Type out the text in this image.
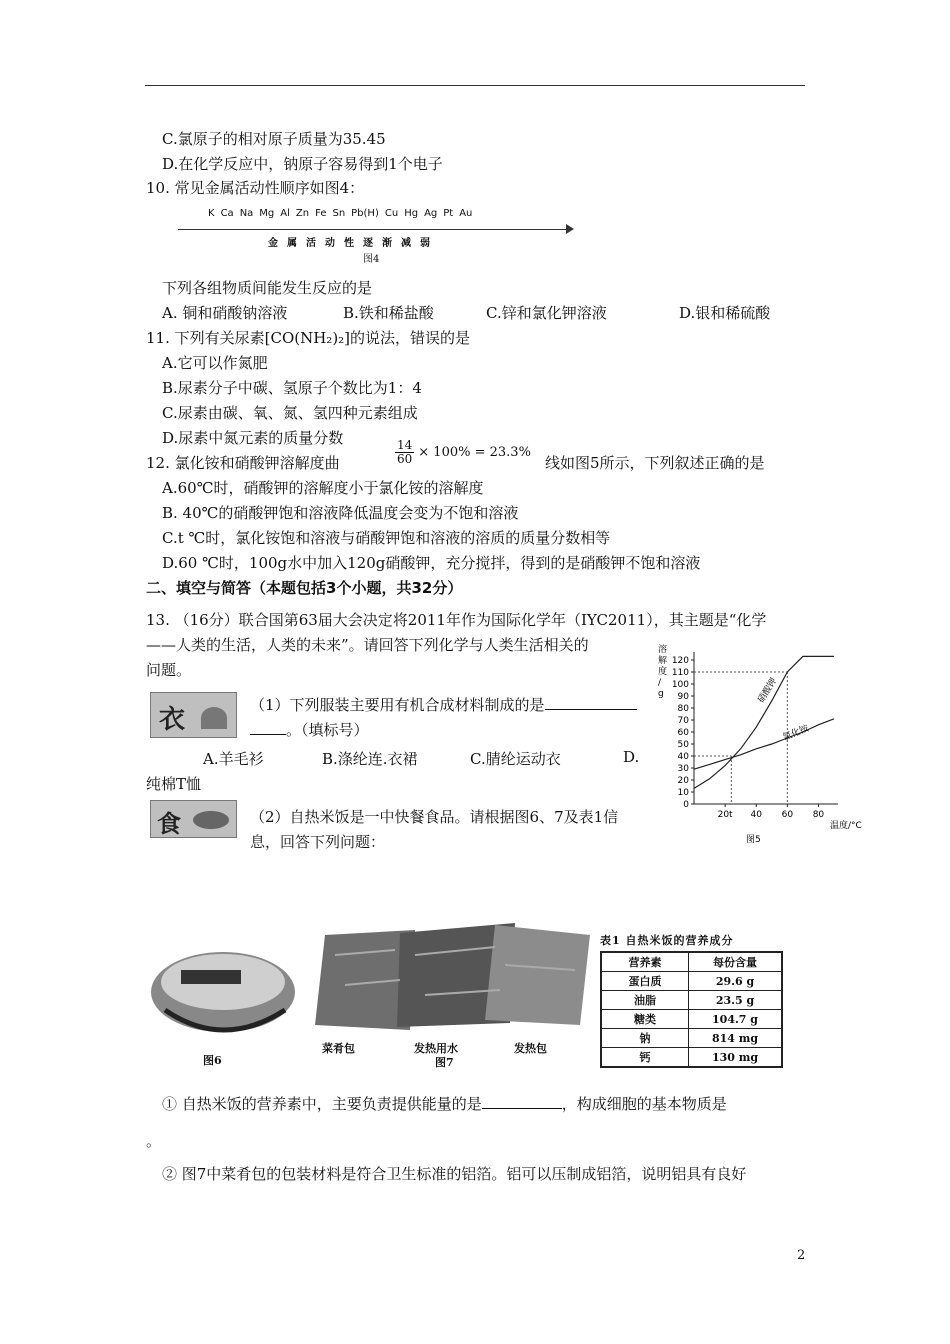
C.氯原子的相对原子质量为35.45
D.在化学反应中，钠原子容易得到1个电子
10. 常见金属活动性顺序如图4：
K Ca Na Mg Al Zn Fe Sn Pb(H) Cu Hg Ag Pt Au
金属活动性逐渐减弱
图4
下列各组物质间能发生反应的是
A. 铜和硝酸钠溶液	B.铁和稀盐酸	C.锌和氯化钾溶液	D.银和稀硫酸
11. 下列有关尿素[CO(NH₂)₂]的说法，错误的是
A.它可以作氮肥
B.尿素分子中碳、氢原子个数比为1：4
C.尿素由碳、氧、氮、氢四种元素组成
D.尿素中氮元素的质量分数
$\frac{14}{60} \times 100\% = 23.3\%$
12. 氯化铵和硝酸钾溶解度曲	线如图5所示，下列叙述正确的是
A.60℃时，硝酸钾的溶解度小于氯化铵的溶解度
B. 40℃的硝酸钾饱和溶液降低温度会变为不饱和溶液
C.t ℃时，氯化铵饱和溶液与硝酸钾饱和溶液的溶质的质量分数相等
D.60 ℃时，100g水中加入120g硝酸钾，充分搅拌，得到的是硝酸钾不饱和溶液
二、填空与简答（本题包括3个小题，共32分）
13. （16分）联合国第63届大会决定将2011年作为国际化学年（IYC2011），其主题是“化学
——人类的生活，人类的未来”。请回答下列化学与人类生活相关的
问题。
衣	（1）下列服装主要用有机合成材料制成的是
。（填标号）
A.羊毛衫	B.涤纶连.衣裙	C.腈纶运动衣	D.
纯棉T恤
食	（2）自热米饭是一中快餐食品。请根据图6、7及表1信
息，回答下列问题：
120
110
100
90
80
70
60
50
40
30
20
10
0
20t 40 60 80
硝酸钾
氯化铵
溶
解
度
/
g
温度/°C
图5
图6
菜肴包	发热用水	发热包
图7
表1 自热米饭的营养成分
营养素	每份含量
蛋白质	29.6 g
油脂	23.5 g
糖类	104.7 g
钠	814 mg
钙	130 mg
① 自热米饭的营养素中，主要负责提供能量的是	，构成细胞的基本物质是
。
② 图7中菜肴包的包装材料是符合卫生标准的铝箔。铝可以压制成铝箔，说明铝具有良好
2
